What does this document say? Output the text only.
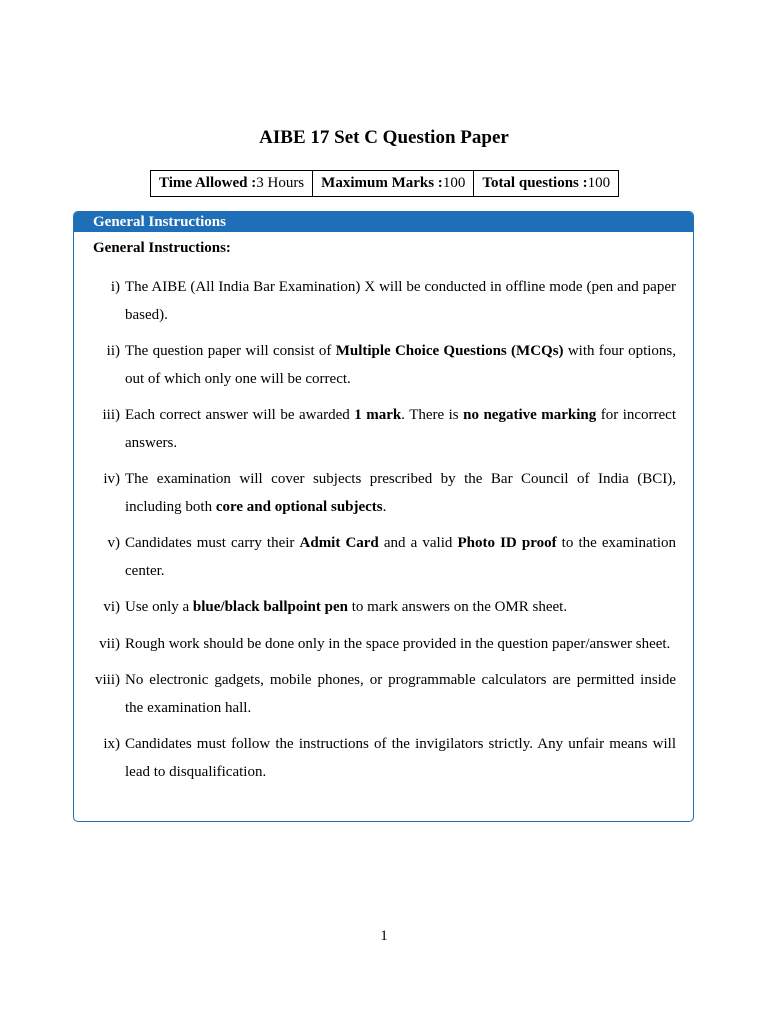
AIBE 17 Set C Question Paper
Time Allowed :3 Hours	Maximum Marks :100	Total questions :100
General Instructions
General Instructions:
i) The AIBE (All India Bar Examination) X will be conducted in offline mode (pen and paper based).
ii) The question paper will consist of Multiple Choice Questions (MCQs) with four options, out of which only one will be correct.
iii) Each correct answer will be awarded 1 mark. There is no negative marking for incorrect answers.
iv) The examination will cover subjects prescribed by the Bar Council of India (BCI), including both core and optional subjects.
v) Candidates must carry their Admit Card and a valid Photo ID proof to the examination center.
vi) Use only a blue/black ballpoint pen to mark answers on the OMR sheet.
vii) Rough work should be done only in the space provided in the question paper/answer sheet.
viii) No electronic gadgets, mobile phones, or programmable calculators are permitted inside the examination hall.
ix) Candidates must follow the instructions of the invigilators strictly. Any unfair means will lead to disqualification.
1
